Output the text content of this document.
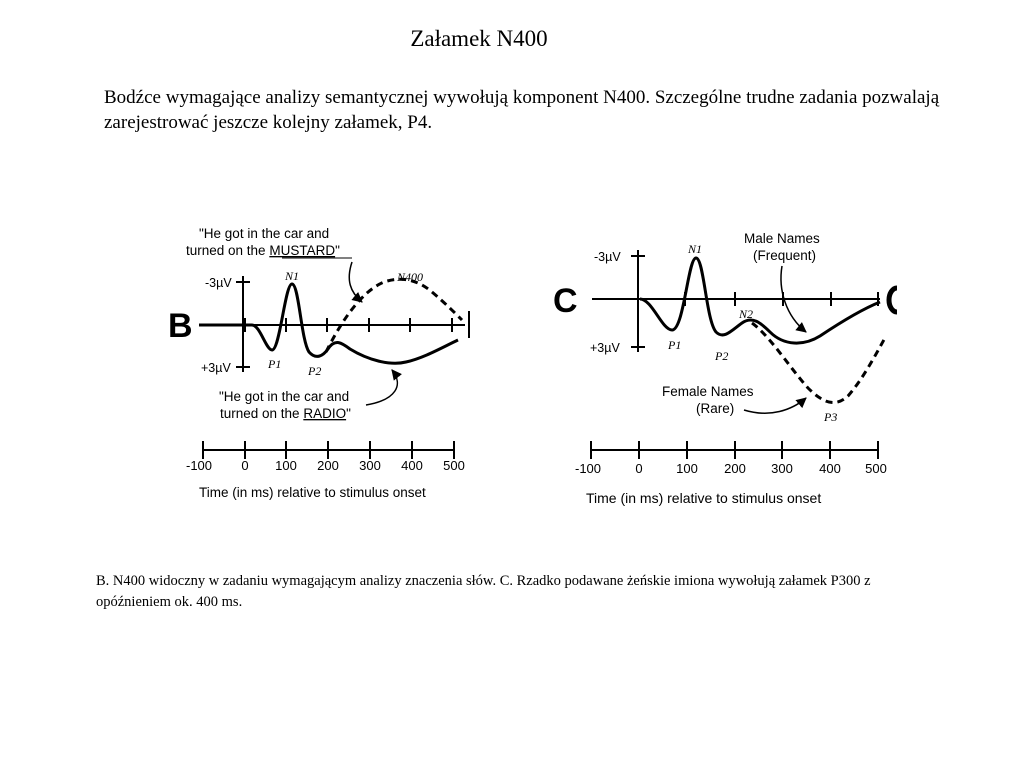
Załamek N400
Bodźce wymagające analizy semantycznej wywołują komponent N400. Szczególne trudne zadania pozwalają zarejestrować jeszcze kolejny załamek, P4.
B. N400 widoczny w zadaniu wymagającym analizy znaczenia słów. C. Rzadko podawane żeńskie imiona wywołują załamek P300 z opóźnieniem ok. 400 ms.
B
"He got in the car and
turned on the MUSTARD"
-3µV
+3µV
N1
P1 P2
N400
"He got in the car and
turned on the RADIO"
-100 0 100 200 300 400 500
Time (in ms) relative to stimulus onset
C
-3µV
+3µV
N1
N2
P1
P2
P3
Male Names
(Frequent)
Female Names
(Rare)
-100	0	100 200 300 400 500
Time (in ms) relative to stimulus onset
